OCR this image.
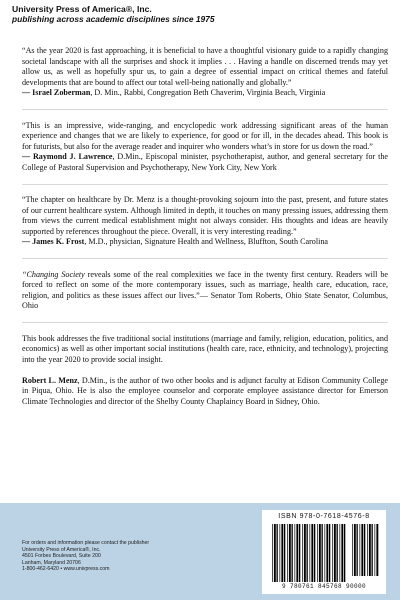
University Press of America®, Inc.
publishing across academic disciplines since 1975

“As the year 2020 is fast approaching, it is beneficial to have a thoughtful visionary guide to a rapidly changing societal landscape with all the surprises and shock it implies . . . Having a handle on discerned trends may yet allow us, as well as hopefully spur us, to gain a degree of essential impact on critical themes and fateful developments that are bound to affect our total well-being nationally and globally.”

— Israel Zoberman, D. Min., Rabbi, Congregation Beth Chaverim, Virginia Beach, Virginia

“This is an impressive, wide-ranging, and encyclopedic work addressing significant areas of the human experience and changes that we are likely to experience, for good or for ill, in the decades ahead. This book is for futurists, but also for the average reader and inquirer who wonders what’s in store for us down the road.”

— Raymond J. Lawrence, D.Min., Episcopal minister, psychotherapist, author, and general secretary for the College of Pastoral Supervision and Psychotherapy, New York City, New York

“The chapter on healthcare by Dr. Menz is a thought-provoking sojourn into the past, present, and future states of our current healthcare system. Although limited in depth, it touches on many pressing issues, addressing them from views the current medical establishment might not always consider. His thoughts and ideas are heavily supported by references throughout the piece. Overall, it is very interesting reading.”

— James K. Frost, M.D., physician, Signature Health and Wellness, Bluffton, South Carolina

“Changing Society reveals some of the real complexities we face in the twenty first century. Readers will be forced to reflect on some of the more contemporary issues, such as marriage, health care, education, race, religion, and politics as these issues affect our lives.”— Senator Tom Roberts, Ohio State Senator, Columbus, Ohio

This book addresses the five traditional social institutions (marriage and family, religion, education, politics, and economics) as well as other important social institutions (health care, race, ethnicity, and technology), projecting into the year 2020 to provide social insight.

Robert L. Menz, D.Min., is the author of two other books and is adjunct faculty at Edison Community College in Piqua, Ohio. He is also the employee counselor and corporate employee assistance director for Emerson Climate Technologies and director of the Shelby County Chaplaincy Board in Sidney, Ohio.

For orders and information please contact the publisher
University Press of America®, Inc.
4501 Forbes Boulevard, Suite 200
Lanham, Maryland 20706
1-800-462-6420 • www.univpress.com
ISBN 978-0-7618-4576-8
9 780761 845768 90000
